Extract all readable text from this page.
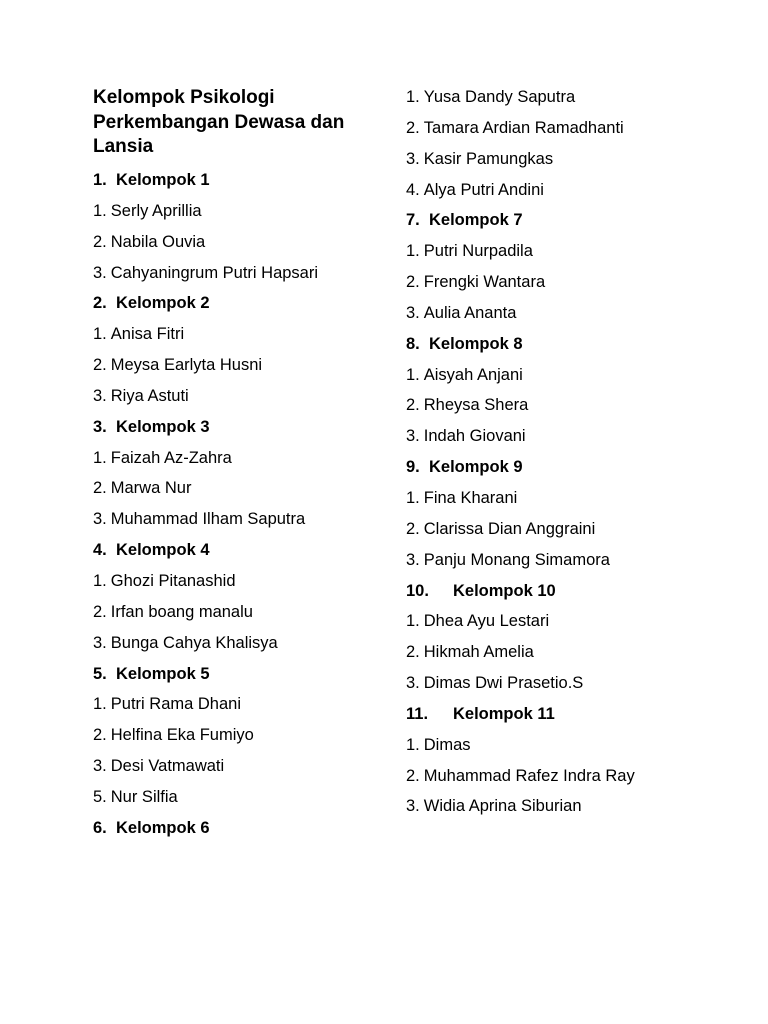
Kelompok Psikologi Perkembangan Dewasa dan Lansia
1. Kelompok 1
1. Serly Aprillia
2. Nabila Ouvia
3. Cahyaningrum Putri Hapsari
2. Kelompok 2
1. Anisa Fitri
2. Meysa Earlyta Husni
3. Riya Astuti
3. Kelompok 3
1. Faizah Az-Zahra
2. Marwa Nur
3. Muhammad Ilham Saputra
4. Kelompok 4
1. Ghozi Pitanashid
2. Irfan boang manalu
3. Bunga Cahya Khalisya
5. Kelompok 5
1. Putri Rama Dhani
2. Helfina Eka Fumiyo
3. Desi Vatmawati
5. Nur Silfia
6. Kelompok 6
1. Yusa Dandy Saputra
2. Tamara Ardian Ramadhanti
3. Kasir Pamungkas
4. Alya Putri Andini
7. Kelompok 7
1. Putri Nurpadila
2. Frengki Wantara
3. Aulia Ananta
8. Kelompok 8
1. Aisyah Anjani
2. Rheysa Shera
3. Indah Giovani
9. Kelompok 9
1. Fina Kharani
2. Clarissa Dian Anggraini
3. Panju Monang Simamora
10. Kelompok 10
1. Dhea Ayu Lestari
2. Hikmah Amelia
3. Dimas Dwi Prasetio.S
11. Kelompok 11
1. Dimas
2. Muhammad Rafez Indra Ray
3. Widia Aprina Siburian
